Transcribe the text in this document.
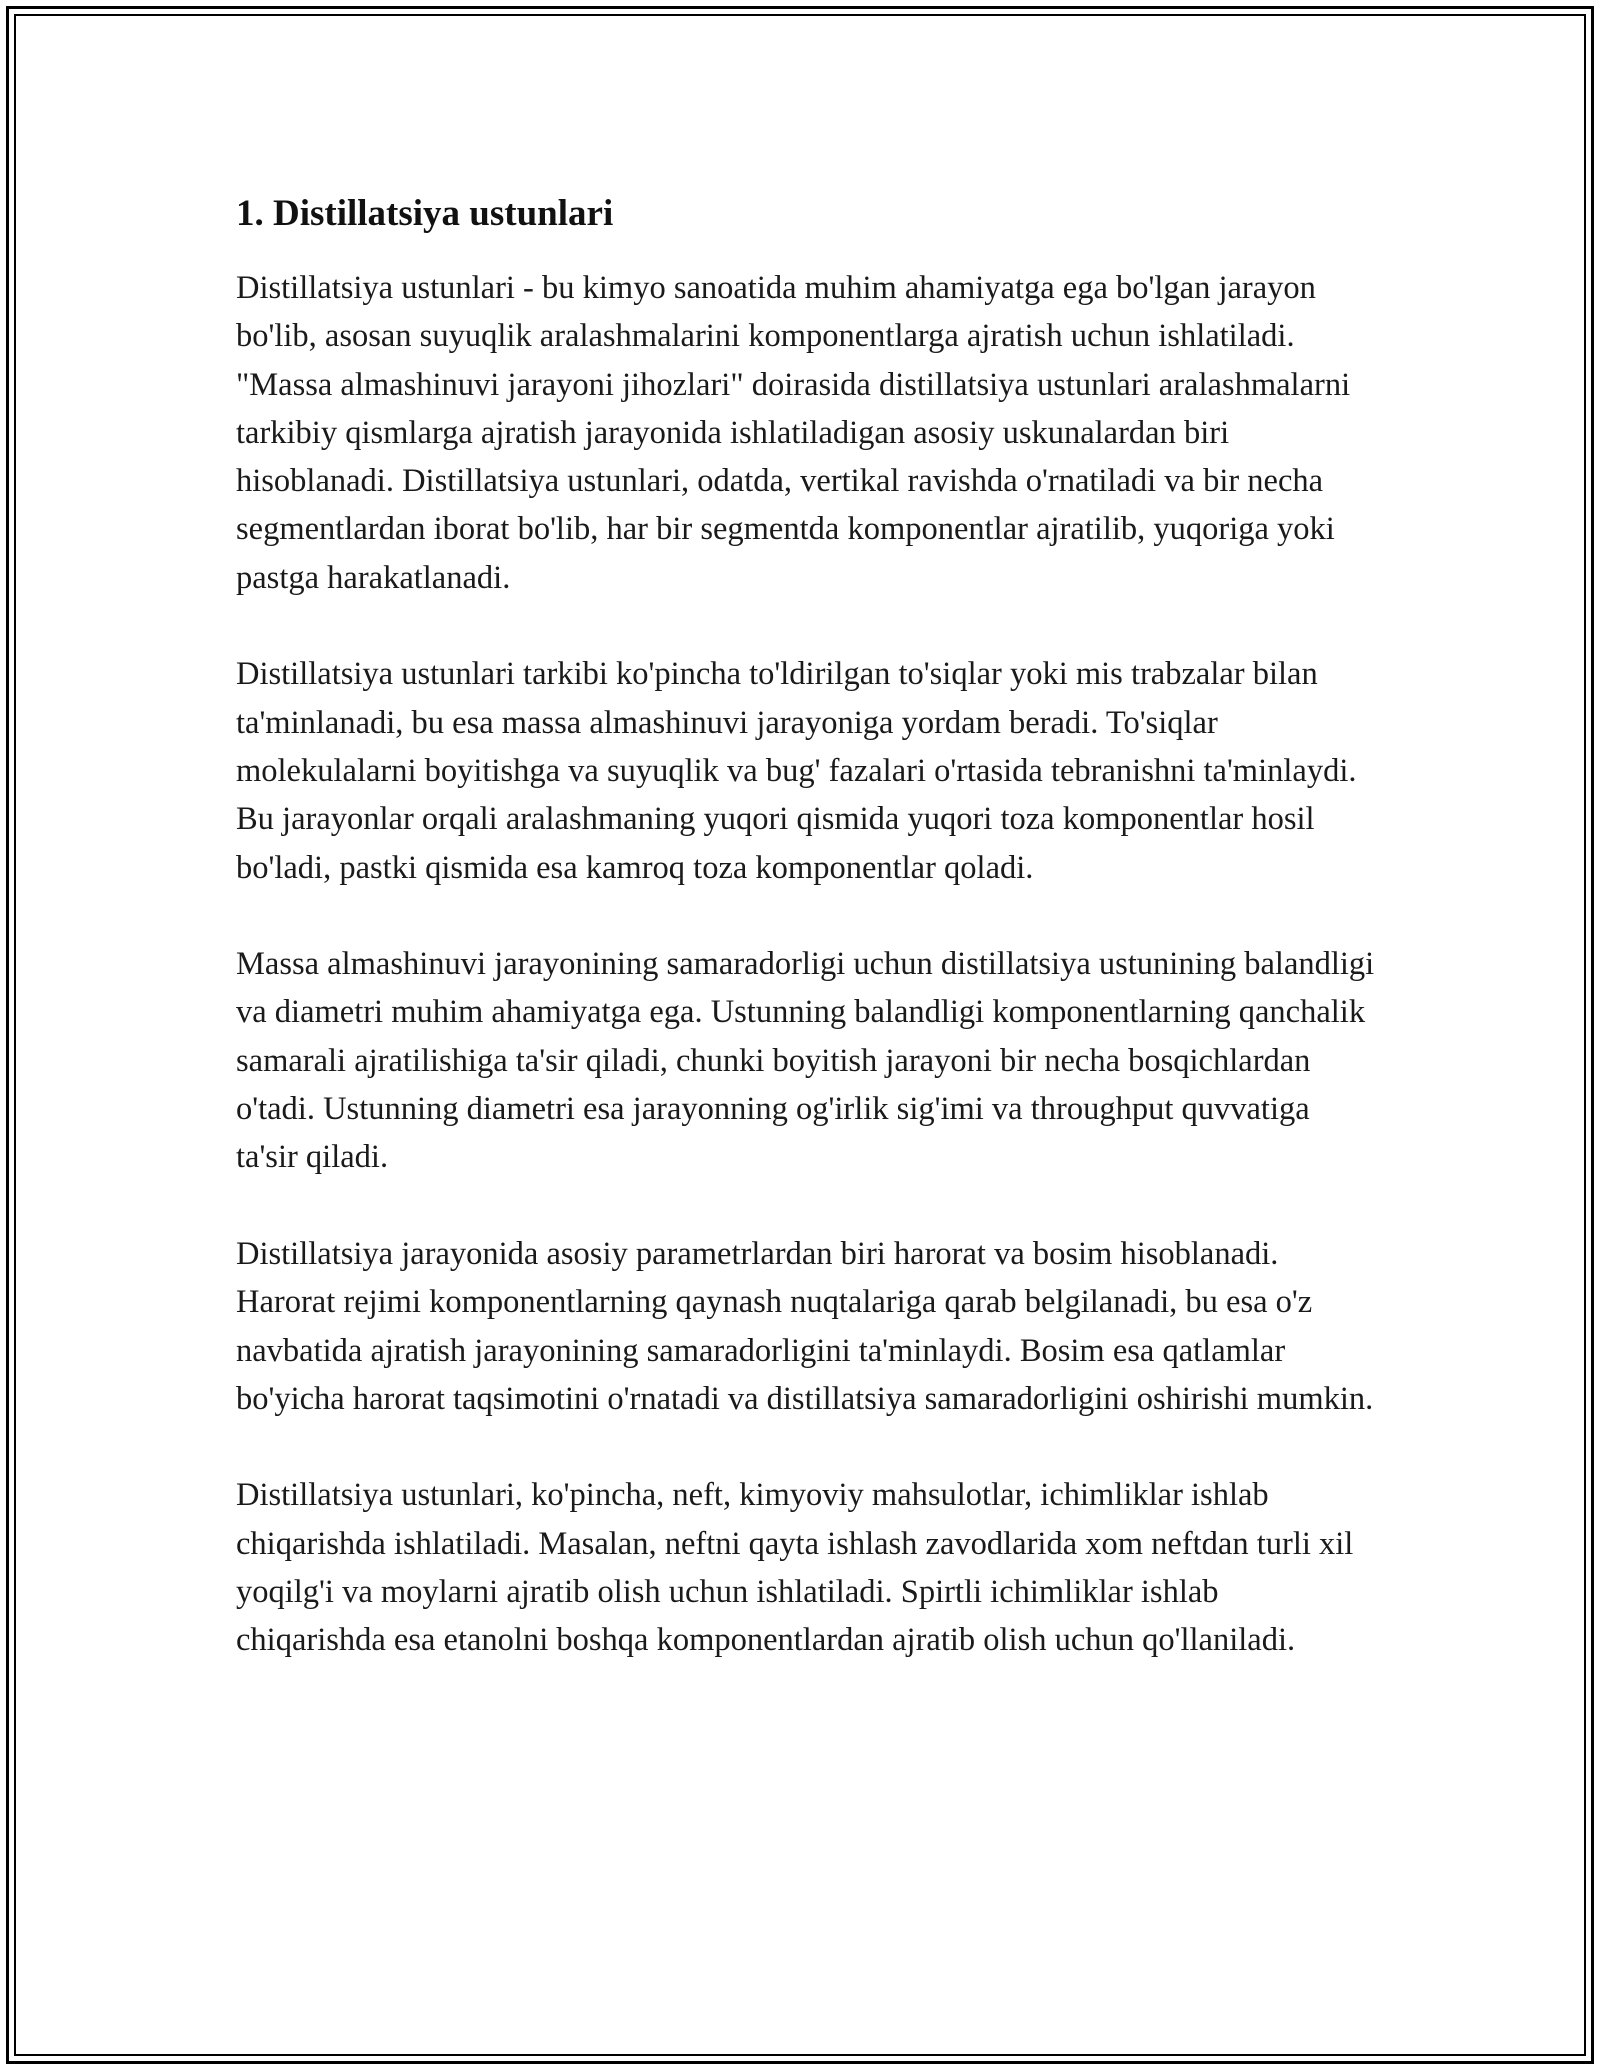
1. Distillatsiya ustunlari

Distillatsiya ustunlari - bu kimyo sanoatida muhim ahamiyatga ega bo'lgan jarayon bo'lib, asosan suyuqlik aralashmalarini komponentlarga ajratish uchun ishlatiladi. "Massa almashinuvi jarayoni jihozlari" doirasida distillatsiya ustunlari aralashmalarni tarkibiy qismlarga ajratish jarayonida ishlatiladigan asosiy uskunalardan biri hisoblanadi. Distillatsiya ustunlari, odatda, vertikal ravishda o'rnatiladi va bir necha segmentlardan iborat bo'lib, har bir segmentda komponentlar ajratilib, yuqoriga yoki pastga harakatlanadi.

Distillatsiya ustunlari tarkibi ko'pincha to'ldirilgan to'siqlar yoki mis trabzalar bilan ta'minlanadi, bu esa massa almashinuvi jarayoniga yordam beradi. To'siqlar molekulalarni boyitishga va suyuqlik va bug' fazalari o'rtasida tebranishni ta'minlaydi. Bu jarayonlar orqali aralashmaning yuqori qismida yuqori toza komponentlar hosil bo'ladi, pastki qismida esa kamroq toza komponentlar qoladi.

Massa almashinuvi jarayonining samaradorligi uchun distillatsiya ustunining balandligi va diametri muhim ahamiyatga ega. Ustunning balandligi komponentlarning qanchalik samarali ajratilishiga ta'sir qiladi, chunki boyitish jarayoni bir necha bosqichlardan o'tadi. Ustunning diametri esa jarayonning og'irlik sig'imi va throughput quvvatiga ta'sir qiladi.

Distillatsiya jarayonida asosiy parametrlardan biri harorat va bosim hisoblanadi. Harorat rejimi komponentlarning qaynash nuqtalariga qarab belgilanadi, bu esa o'z navbatida ajratish jarayonining samaradorligini ta'minlaydi. Bosim esa qatlamlar bo'yicha harorat taqsimotini o'rnatadi va distillatsiya samaradorligini oshirishi mumkin.

Distillatsiya ustunlari, ko'pincha, neft, kimyoviy mahsulotlar, ichimliklar ishlab chiqarishda ishlatiladi. Masalan, neftni qayta ishlash zavodlarida xom neftdan turli xil yoqilg'i va moylarni ajratib olish uchun ishlatiladi. Spirtli ichimliklar ishlab chiqarishda esa etanolni boshqa komponentlardan ajratib olish uchun qo'llaniladi.
